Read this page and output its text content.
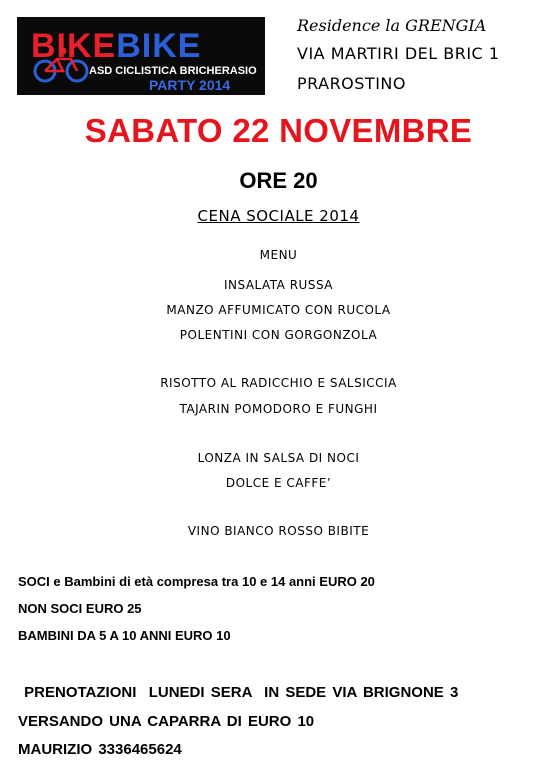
BIKEBIKE
ASD CICLISTICA BRICHERASIO
PARTY 2014
Residence la GRENGIA
VIA MARTIRI DEL BRIC 1
PRAROSTINO
SABATO 22 NOVEMBRE
ORE 20
CENA SOCIALE 2014
MENU
INSALATA RUSSA
MANZO AFFUMICATO CON RUCOLA
POLENTINI CON GORGONZOLA
RISOTTO AL RADICCHIO E SALSICCIA
TAJARIN POMODORO E FUNGHI
LONZA IN SALSA DI NOCI
DOLCE E CAFFE’
VINO BIANCO ROSSO BIBITE
SOCI e Bambini di età compresa tra 10 e 14 anni EURO 20
NON SOCI EURO 25
BAMBINI DA 5 A 10 ANNI EURO 10
PRENOTAZIONI  LUNEDI SERA  IN SEDE VIA BRIGNONE 3
VERSANDO UNA CAPARRA DI EURO 10
MAURIZIO 3336465624
